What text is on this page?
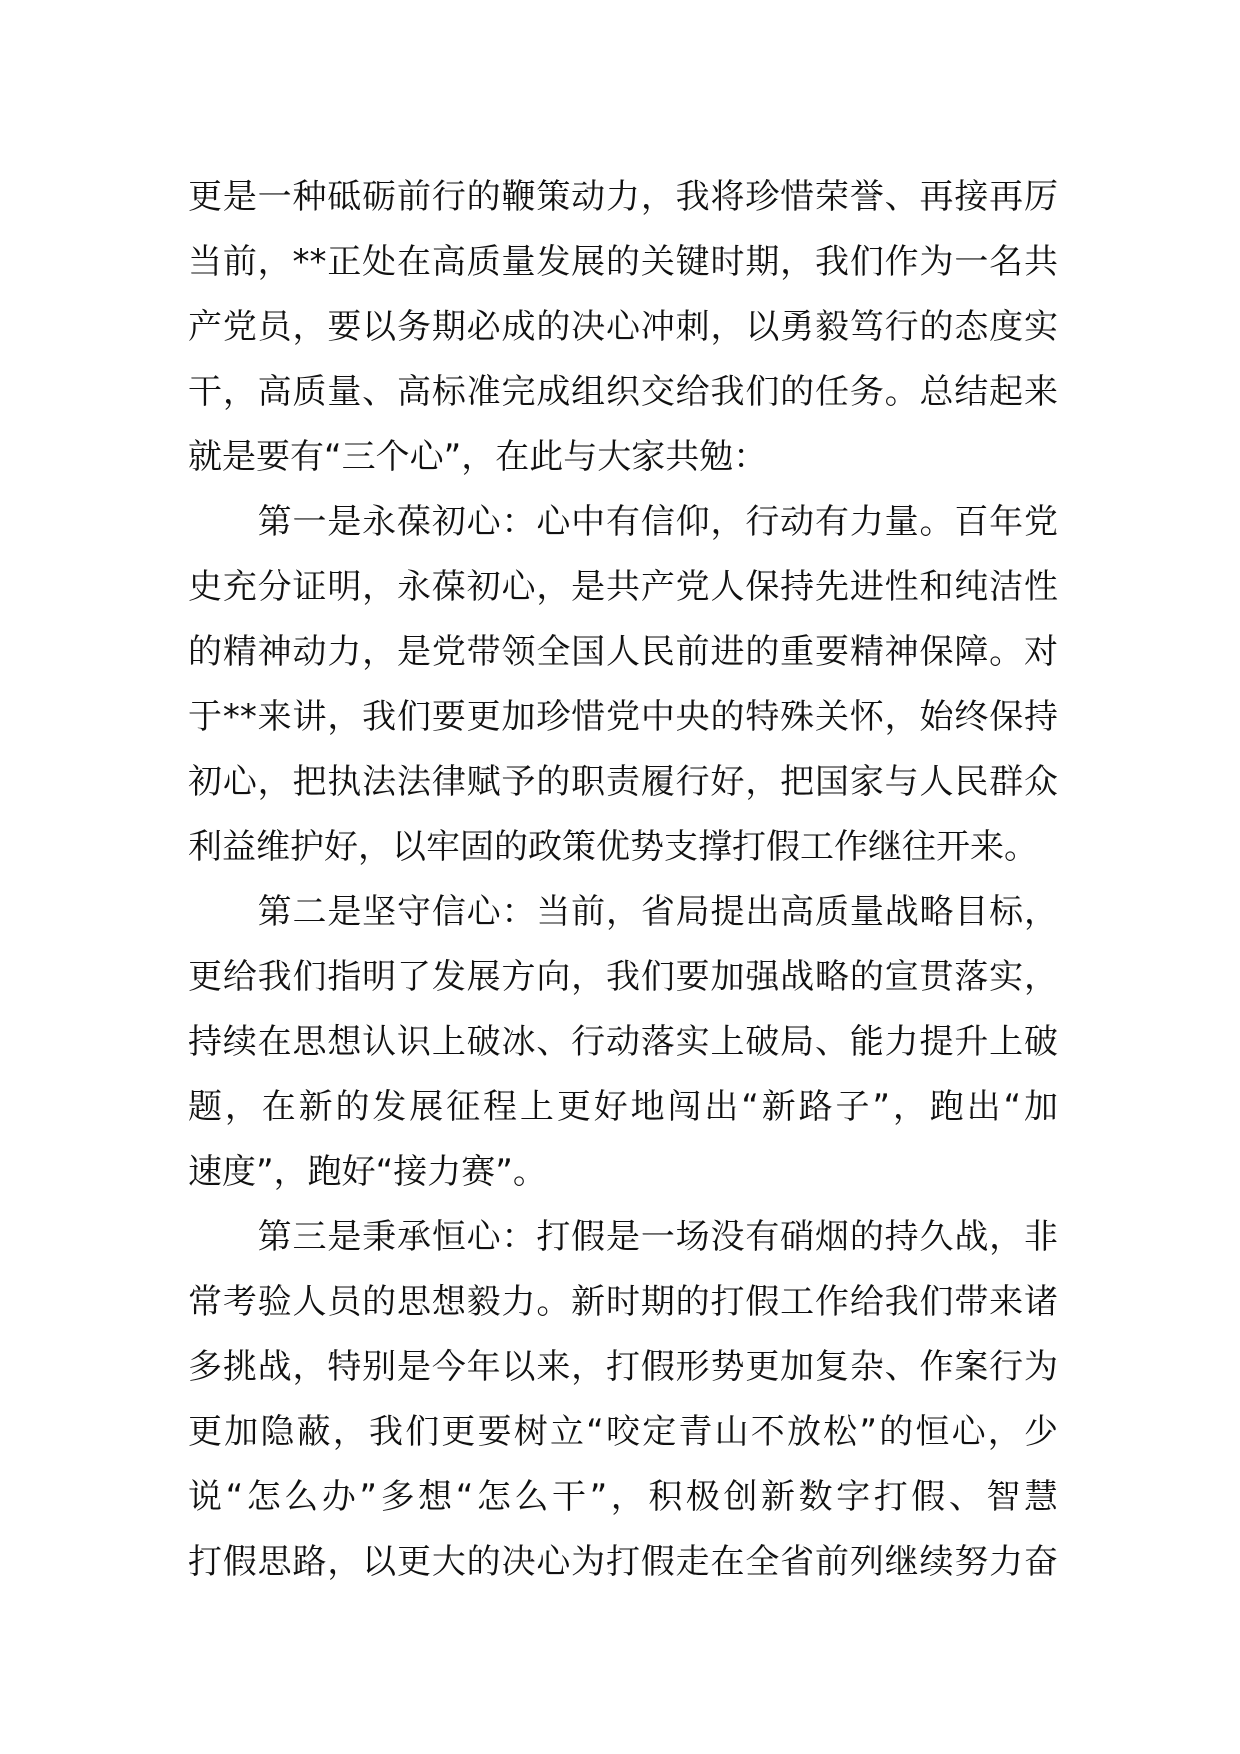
更是一种砥砺前行的鞭策动力，我将珍惜荣誉、再接再厉
当前，**正处在高质量发展的关键时期，我们作为一名共
产党员，要以务期必成的决心冲刺，以勇毅笃行的态度实
干，高质量、高标准完成组织交给我们的任务。总结起来
就是要有“三个心”，在此与大家共勉：
　　第一是永葆初心：心中有信仰，行动有力量。百年党
史充分证明，永葆初心，是共产党人保持先进性和纯洁性
的精神动力，是党带领全国人民前进的重要精神保障。对
于**来讲，我们要更加珍惜党中央的特殊关怀，始终保持
初心，把执法法律赋予的职责履行好，把国家与人民群众
利益维护好，以牢固的政策优势支撑打假工作继往开来。
　　第二是坚守信心：当前，省局提出高质量战略目标，
更给我们指明了发展方向，我们要加强战略的宣贯落实，
持续在思想认识上破冰、行动落实上破局、能力提升上破
题，在新的发展征程上更好地闯出“新路子”，跑出“加
速度”，跑好“接力赛”。
　　第三是秉承恒心：打假是一场没有硝烟的持久战，非
常考验人员的思想毅力。新时期的打假工作给我们带来诸
多挑战，特别是今年以来，打假形势更加复杂、作案行为
更加隐蔽，我们更要树立“咬定青山不放松”的恒心，少
说“怎么办”多想“怎么干”，积极创新数字打假、智慧
打假思路，以更大的决心为打假走在全省前列继续努力奋
